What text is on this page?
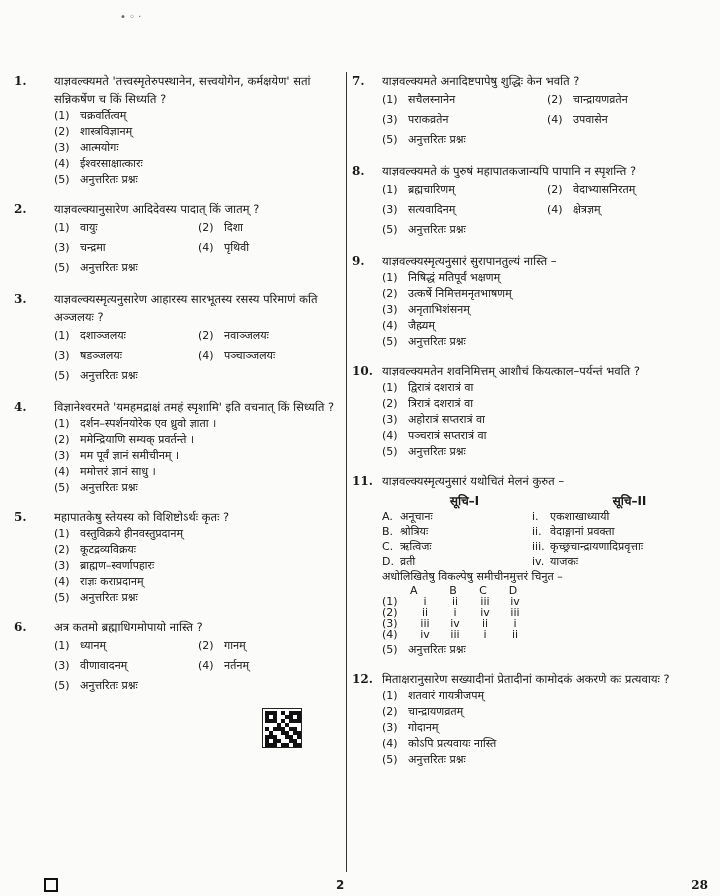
• ◦ ·
1.	याज्ञवल्क्यमते 'तत्त्वस्मृतेरुपस्थानेन, सत्त्वयोगेन, कर्मक्षयेण' सतां सन्निकर्षेण च किं सिध्यति ?
(1) चक्रवर्तित्वम्
(2) शास्त्रविज्ञानम्
(3) आत्मयोगः
(4) ईश्वरसाक्षात्कारः
(5) अनुत्तरितः प्रश्नः
2.	याज्ञवल्क्यानुसारेण आदिदेवस्य पादात् किं जातम् ?
(1) वायुः	(2) दिशा
(3) चन्द्रमा	(4) पृथिवी
(5) अनुत्तरितः प्रश्नः
3.	याज्ञवल्क्यस्मृत्यनुसारेण आहारस्य सारभूतस्य रसस्य परिमाणं कति अञ्जलयः ?
(1) दशाञ्जलयः	(2) नवाञ्जलयः
(3) षडञ्जलयः	(4) पञ्चाञ्जलयः
(5) अनुत्तरितः प्रश्नः
4.	विज्ञानेश्वरमते 'यमहमद्राक्षं तमहं स्पृशामि' इति वचनात् किं सिध्यति ?
(1) दर्शन–स्पर्शनयोरेक एव ध्रुवो ज्ञाता ।
(2) ममेन्द्रियाणि सम्यक् प्रवर्तन्ते ।
(3) मम पूर्वं ज्ञानं समीचीनम् ।
(4) ममोत्तरं ज्ञानं साधु ।
(5) अनुत्तरितः प्रश्नः
5.	महापातकेषु स्तेयस्य को विशिष्टोऽर्थः कृतः ?
(1) वस्तुविक्रये हीनवस्तुप्रदानम्
(2) कूटद्रव्यविक्रयः
(3) ब्राह्मण–स्वर्णापहारः
(4) राज्ञः कराप्रदानम्
(5) अनुत्तरितः प्रश्नः
6.	अत्र कतमो ब्रह्माधिगमोपायो नास्ति ?
(1) ध्यानम्	(2) गानम्
(3) वीणावादनम्	(4) नर्तनम्
(5) अनुत्तरितः प्रश्नः
7.	याज्ञवल्क्यमते अनादिष्टपापेषु शुद्धिः केन भवति ?
(1) सचैलस्नानेन	(2) चान्द्रायणव्रतेन
(3) पराकव्रतेन	(4) उपवासेन
(5) अनुत्तरितः प्रश्नः
8.	याज्ञवल्क्यमते कं पुरुषं महापातकजान्यपि पापानि न स्पृशन्ति ?
(1) ब्रह्मचारिणम्	(2) वेदाभ्यासनिरतम्
(3) सत्यवादिनम्	(4) क्षेत्रज्ञम्
(5) अनुत्तरितः प्रश्नः
9.	याज्ञवल्क्यस्मृत्यनुसारं सुरापानतुल्यं नास्ति –
(1) निषिद्धं मतिपूर्वं भक्षणम्
(2) उत्कर्षे निमित्तमनृतभाषणम्
(3) अनृताभिशंसनम्
(4) जैह्म्यम्
(5) अनुत्तरितः प्रश्नः
10. याज्ञवल्क्यमतेन शवनिमित्तम् आशौचं कियत्काल–पर्यन्तं भवति ?
(1) द्विरात्रं दशरात्रं वा
(2) त्रिरात्रं दशरात्रं वा
(3) अहोरात्रं सप्तरात्रं वा
(4) पञ्चरात्रं सप्तरात्रं वा
(5) अनुत्तरितः प्रश्नः
11. याज्ञवल्क्यस्मृत्यनुसारं यथोचितं मेलनं कुरुत –
सूचि–I	सूचि–II
A. अनूचानः	i.	एकशाखाध्यायी
B. श्रोत्रियः	ii. वेदाङ्गानां प्रवक्ता
C. ऋत्विजः	iii. कृच्छ्रचान्द्रायणादिप्रवृत्ताः
D. व्रती	iv. याजकः
अधोलिखितेषु विकल्पेषु समीचीनमुत्तरं चिनुत –
A	B	C	D
(1)	i	ii	iii	iv
(2)	ii	i	iv	iii
(3)	iii	iv	ii	i
(4)	iv	iii	i	ii
(5) अनुत्तरितः प्रश्नः
12. मिताक्षरानुसारेण सख्यादीनां प्रेतादीनां कामोदकं अकरणे कः प्रत्यवायः ?
(1) शतवारं गायत्रीजपम्
(2) चान्द्रायणव्रतम्
(3) गोदानम्
(4) कोऽपि प्रत्यवायः नास्ति
(5) अनुत्तरितः प्रश्नः
2	28
